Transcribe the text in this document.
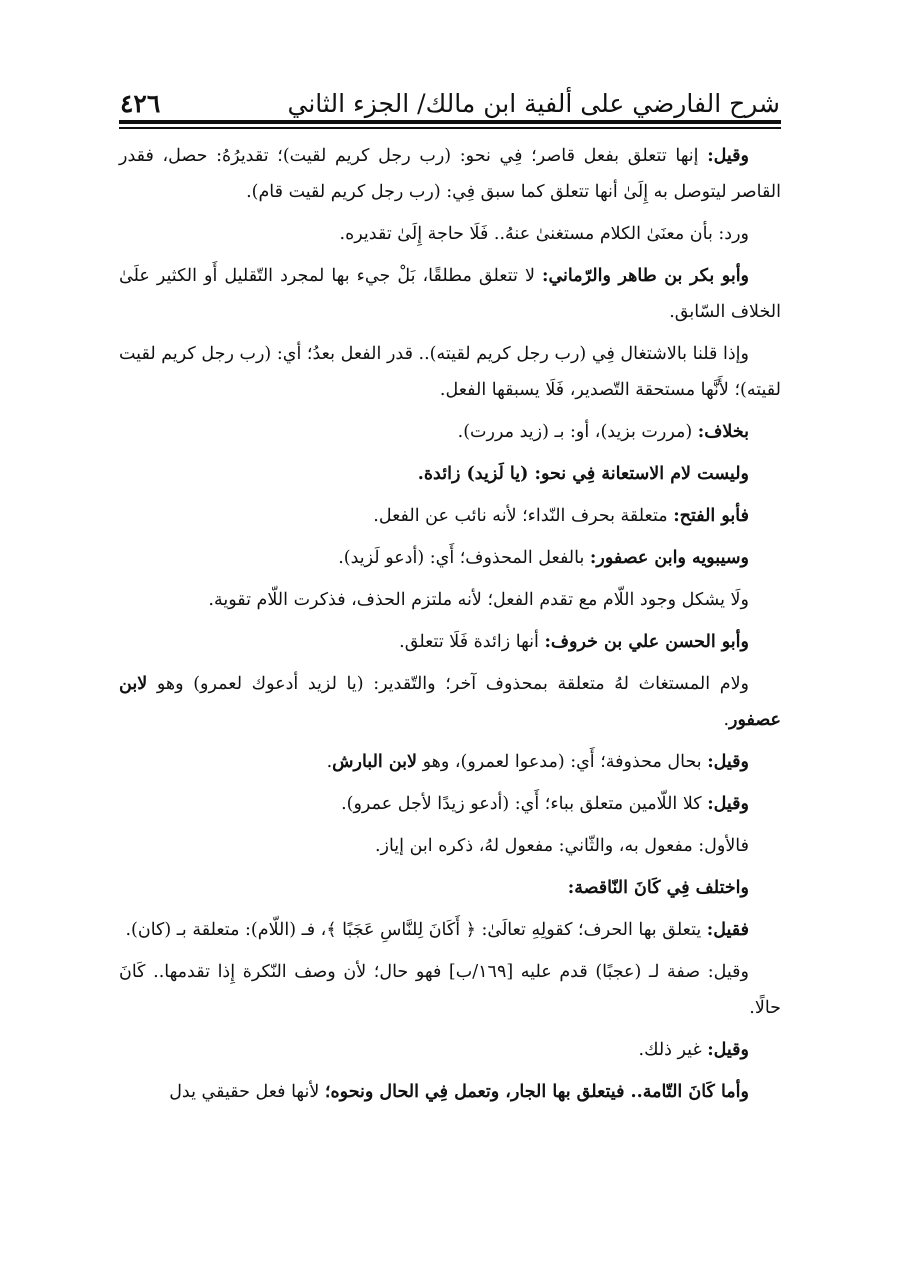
شرح الفارضي على ألفية ابن مالك/ الجزء الثاني
٤٢٦

وقيل: إنها تتعلق بفعل قاصر؛ فِي نحو: (رب رجل كريم لقيت)؛ تقديرُهُ: حصل، فقدر القاصر ليتوصل به إِلَىٰ أنها تتعلق كما سبق فِي: (رب رجل كريم لقيت قام).

ورد: بأن معنَىٰ الكلام مستغنىٰ عنهُ.. فَلَا حاجة إِلَىٰ تقديره.

وأبو بكر بن طاهر والرّماني: لا تتعلق مطلقًا، بَلْ جيء بها لمجرد التّقليل أَو الكثير علَىٰ الخلاف السّابق.

وإذا قلنا بالاشتغال فِي (رب رجل كريم لقيته).. قدر الفعل بعدُ؛ أي: (رب رجل كريم لقيت لقيته)؛ لأَنَّها مستحقة التّصدير، فَلَا يسبقها الفعل.

بخلاف: (مررت بزيد)، أو: بـ (زيد مررت).

وليست لام الاستعانة فِي نحو: (يا لَزيد) زائدة.

فأبو الفتح: متعلقة بحرف النّداء؛ لأنه نائب عن الفعل.

وسيبويه وابن عصفور: بالفعل المحذوف؛ أَي: (أدعو لَزيد).

ولَا يشكل وجود اللّام مع تقدم الفعل؛ لأنه ملتزم الحذف، فذكرت اللّام تقوية.

وأبو الحسن علي بن خروف: أنها زائدة فَلَا تتعلق.

ولام المستغاث لهُ متعلقة بمحذوف آخر؛ والتّقدير: (يا لزيد أدعوك لعمرو) وهو لابن عصفور.

وقيل: بحال محذوفة؛ أَي: (مدعوا لعمرو)، وهو لابن البارش.

وقيل: كلا اللّامين متعلق بباء؛ أَي: (أدعو زيدًا لأجل عمرو).

فالأول: مفعول به، والثّاني: مفعول لهُ، ذكره ابن إياز.

واختلف فِي كَانَ النّاقصة:

فقيل: يتعلق بها الحرف؛ كقولِهِ تعالَىٰ: ﴿ أَكَانَ لِلنَّاسِ عَجَبًا ﴾، فـ (اللّام): متعلقة بـ (كان).

وقيل: صفة لـ (عجبًا) قدم عليه [١٦٩/ب] فهو حال؛ لأن وصف النّكرة إِذا تقدمها.. كَانَ حالًا.

وقيل: غير ذلك.

وأما كَانَ التّامة.. فيتعلق بها الجار، وتعمل فِي الحال ونحوه؛ لأنها فعل حقيقي يدل
